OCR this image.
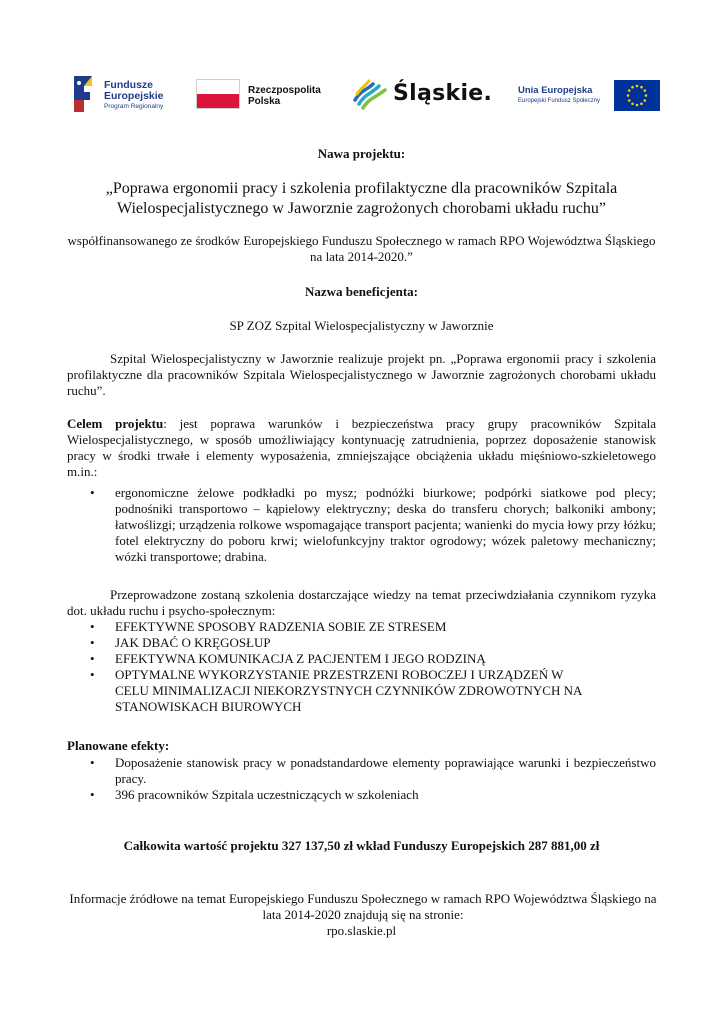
Fundusze
Europejskie
Program Regionalny
Rzeczpospolita
Polska	Śląskie.	Unia Europejska
Europejski Fundusz Społeczny
Nawa projektu:
„Poprawa ergonomii pracy i szkolenia profilaktyczne dla pracowników Szpitala Wielospecjalistycznego w Jaworznie zagrożonych chorobami układu ruchu”
współfinansowanego ze środków Europejskiego Funduszu Społecznego w ramach RPO Województwa Śląskiego na lata 2014-2020.”
Nazwa beneficjenta:
SP ZOZ Szpital Wielospecjalistyczny w Jaworznie
Szpital Wielospecjalistyczny w Jaworznie realizuje projekt pn. „Poprawa ergonomii pracy i szkolenia profilaktyczne dla pracowników Szpitala Wielospecjalistycznego w Jaworznie zagrożonych chorobami układu ruchu”.
Celem projektu: jest poprawa warunków i bezpieczeństwa pracy grupy pracowników Szpitala Wielospecjalistycznego, w sposób umożliwiający kontynuację zatrudnienia, poprzez doposażenie stanowisk pracy w środki trwałe i elementy wyposażenia, zmniejszające obciążenia układu mięśniowo-szkieletowego m.in.:
• ergonomiczne żelowe podkładki po mysz; podnóżki biurkowe; podpórki siatkowe pod plecy; podnośniki transportowo – kąpielowy elektryczny; deska do transferu chorych; balkoniki ambony; łatwoślizgi; urządzenia rolkowe wspomagające transport pacjenta; wanienki do mycia łowy przy łóżku; fotel elektryczny do poboru krwi; wielofunkcyjny traktor ogrodowy; wózek paletowy mechaniczny; wózki transportowe; drabina.
Przeprowadzone zostaną szkolenia dostarczające wiedzy na temat przeciwdziałania czynnikom ryzyka dot. układu ruchu i psycho-społecznym:
• EFEKTYWNE SPOSOBY RADZENIA SOBIE ZE STRESEM
• JAK DBAĆ O KRĘGOSŁUP
• EFEKTYWNA KOMUNIKACJA Z PACJENTEM I JEGO RODZINĄ
• OPTYMALNE WYKORZYSTANIE PRZESTRZENI ROBOCZEJ I URZĄDZEŃ W CELU MINIMALIZACJI NIEKORZYSTNYCH CZYNNIKÓW ZDROWOTNYCH NA STANOWISKACH BIUROWYCH
Planowane efekty:
• Doposażenie stanowisk pracy w ponadstandardowe elementy poprawiające warunki i bezpieczeństwo pracy.
• 396 pracowników Szpitala uczestniczących w szkoleniach
Całkowita wartość projektu 327 137,50 zł wkład Funduszy Europejskich 287 881,00 zł
Informacje źródłowe na temat Europejskiego Funduszu Społecznego w ramach RPO Województwa Śląskiego na lata 2014-2020 znajdują się na stronie:
rpo.slaskie.pl
